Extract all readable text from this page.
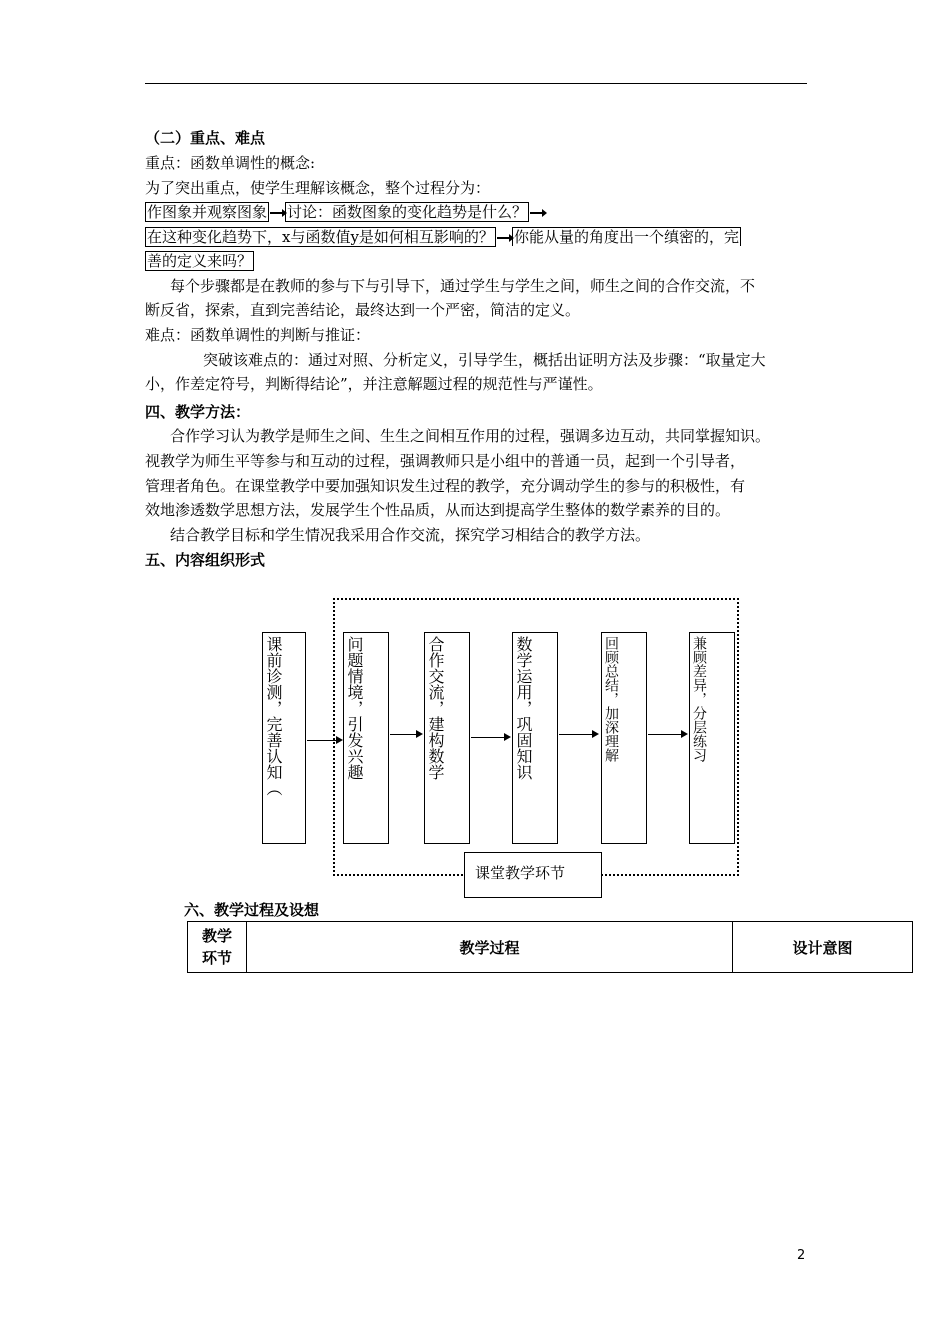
（二）重点、难点
重点：函数单调性的概念:
为了突出重点，使学生理解该概念，整个过程分为：
作图象并观察图象 讨论：函数图象的变化趋势是什么？
在这种变化趋势下，x与函数值y是如何相互影响的？ 你能从量的角度出一个缜密的，完
善的定义来吗？
每个步骤都是在教师的参与下与引导下，通过学生与学生之间，师生之间的合作交流，不
断反省，探索，直到完善结论，最终达到一个严密，简洁的定义。
难点：函数单调性的判断与推证：
突破该难点的：通过对照、分析定义，引导学生，概括出证明方法及步骤：“取量定大
小，作差定符号，判断得结论”，并注意解题过程的规范性与严谨性。
四、教学方法：
合作学习认为教学是师生之间、生生之间相互作用的过程，强调多边互动，共同掌握知识。
视教学为师生平等参与和互动的过程，强调教师只是小组中的普通一员，起到一个引导者，
管理者角色。在课堂教学中要加强知识发生过程的教学，充分调动学生的参与的积极性，有
效地渗透数学思想方法，发展学生个性品质，从而达到提高学生整体的数学素养的目的。
结合教学目标和学生情况我采用合作交流，探究学习相结合的教学方法。
五、内容组织形式
课前诊测，完善认知（	问题情境，引发兴趣	合作交流，建构数学	数学运用，巩固知识	回顾总结，加深理解	兼顾差异，分层练习
课堂教学环节
六、教学过程及设想
教学环节	教学过程	设计意图
2
